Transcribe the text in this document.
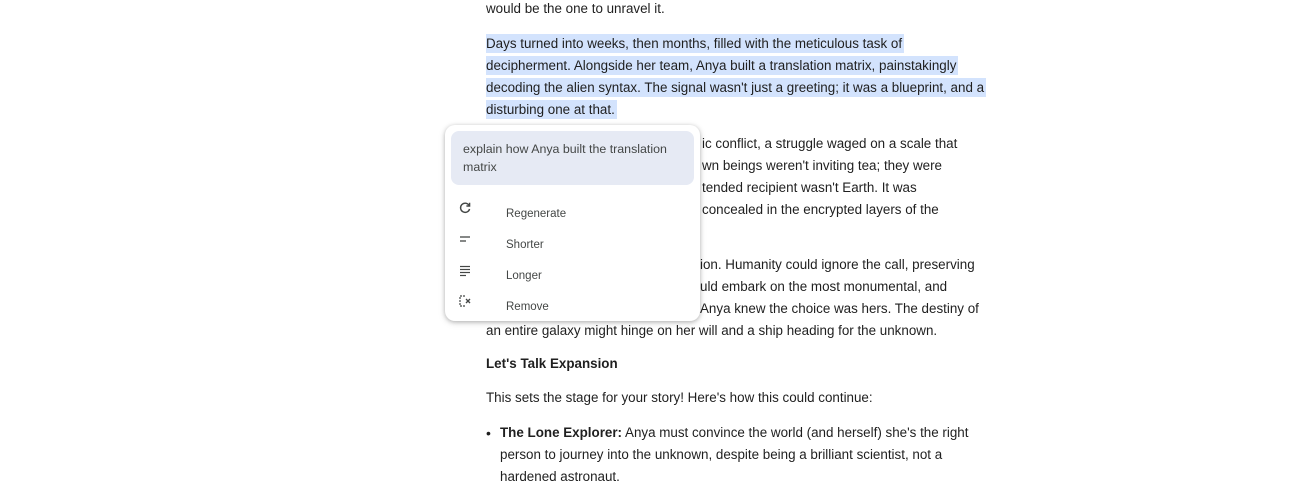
would be the one to unravel it.
Days turned into weeks, then months, filled with the meticulous task of
decipherment. Alongside her team, Anya built a translation matrix, painstakingly
decoding the alien syntax. The signal wasn't just a greeting; it was a blueprint, and a
disturbing one at that.
ic conflict, a struggle waged on a scale that
wn beings weren't inviting tea; they were
tended recipient wasn't Earth. It was
concealed in the encrypted layers of the
ion. Humanity could ignore the call, preserving
uld embark on the most monumental, and
Anya knew the choice was hers. The destiny of
an entire galaxy might hinge on her will and a ship heading for the unknown.
Let's Talk Expansion
This sets the stage for your story! Here's how this could continue:
The Lone Explorer: Anya must convince the world (and herself) she's the right
•
person to journey into the unknown, despite being a brilliant scientist, not a
hardened astronaut.
explain how Anya built the translation
matrix
Regenerate
Shorter
Longer
Remove
